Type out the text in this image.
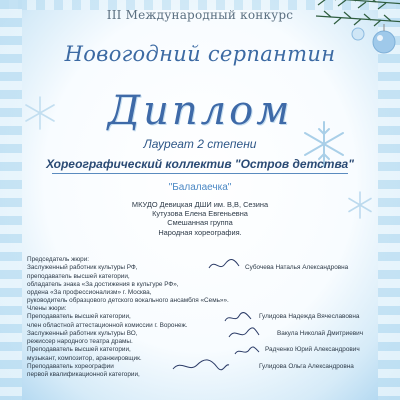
III Международный конкурс
Новогодний серпантин
Диплом
Лауреат 2 степени
Хореографический коллектив "Остров детства"
"Балалаечка"
МКУДО Девицкая ДШИ им. В,В, Сезина
Кутузова Елена Евгеньевна
Смешанная группа
Народная хореография.
Председатель жюри:
Заслуженный работник культуры РФ,
преподаватель высшей категории,
обладатель знака «За достижения в культуре РФ»,
ордена «За профессионализм» г. Москва,
руководитель образцового детского вокального ансамбля «Семь»».
Субочева Наталья Александровна
Члены жюри:
Преподаватель высшей категории,
член областной аттестационной комиссии г. Воронеж.
Гулидова Надежда Вячеславовна
Заслуженный работник культуры ВО,
режиссер народного театра драмы.
Вакула Николай Дмитриевич
Преподаватель высшей категории,
музыкант, композитор, аранжировщик.
Радченко Юрий Александрович
Преподаватель хореографии
первой квалификационной категории,
Гулидова Ольга Александровна
